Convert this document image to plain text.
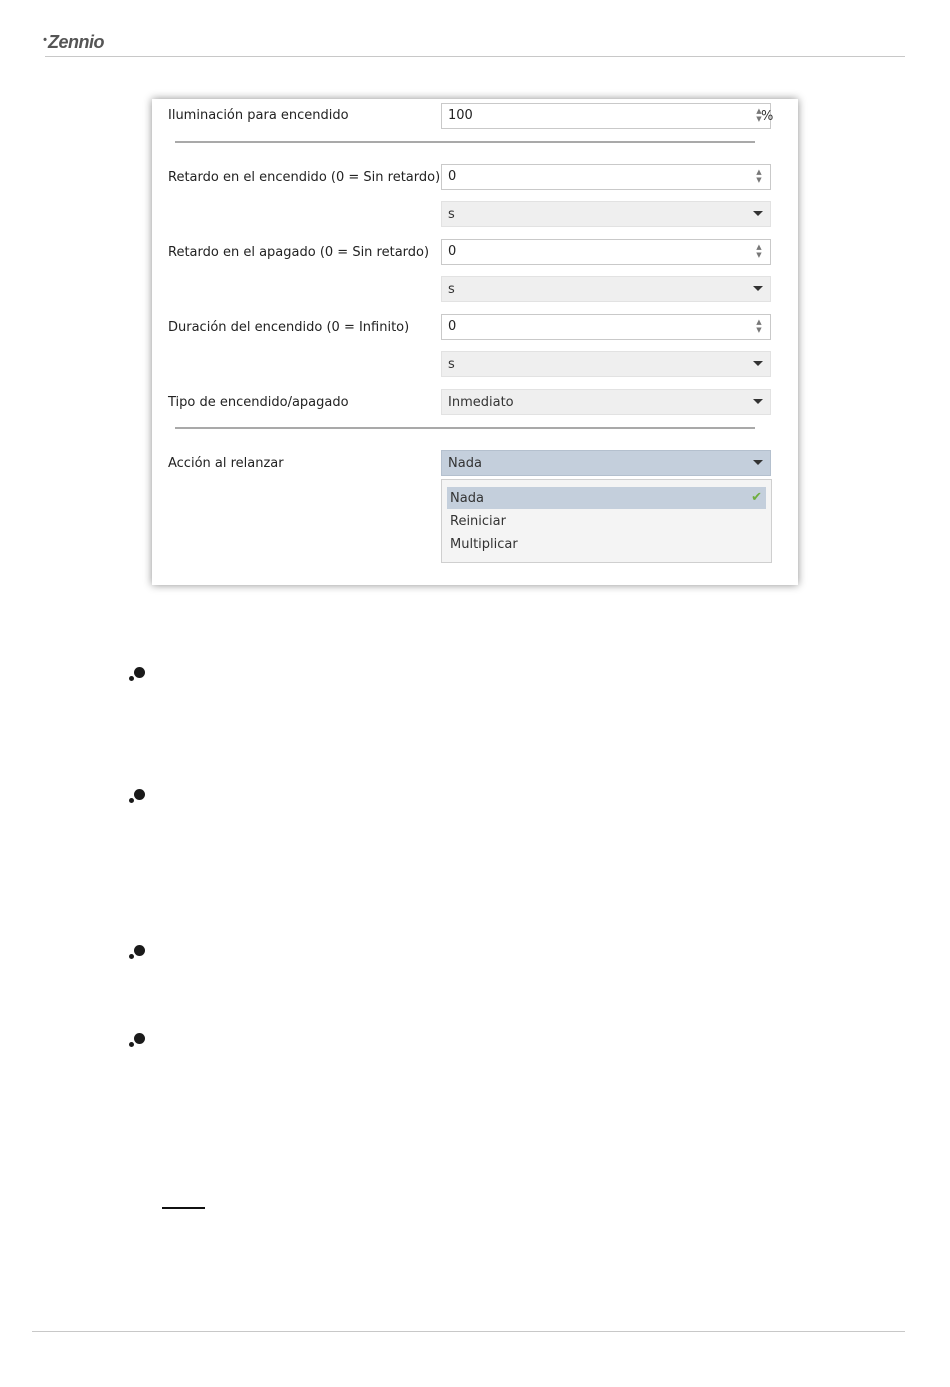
• Zennio
Iluminación para encendido	100	▲
▼ %
Retardo en el encendido (0 = Sin retardo) 0	▲
▼
s
Retardo en el apagado (0 = Sin retardo) 0	▲
▼
s
Duración del encendido (0 = Infinito)	0	▲
▼
s
Tipo de encendido/apagado	Inmediato
Acción al relanzar	Nada
Nada	✔
Reiniciar
Multiplicar
